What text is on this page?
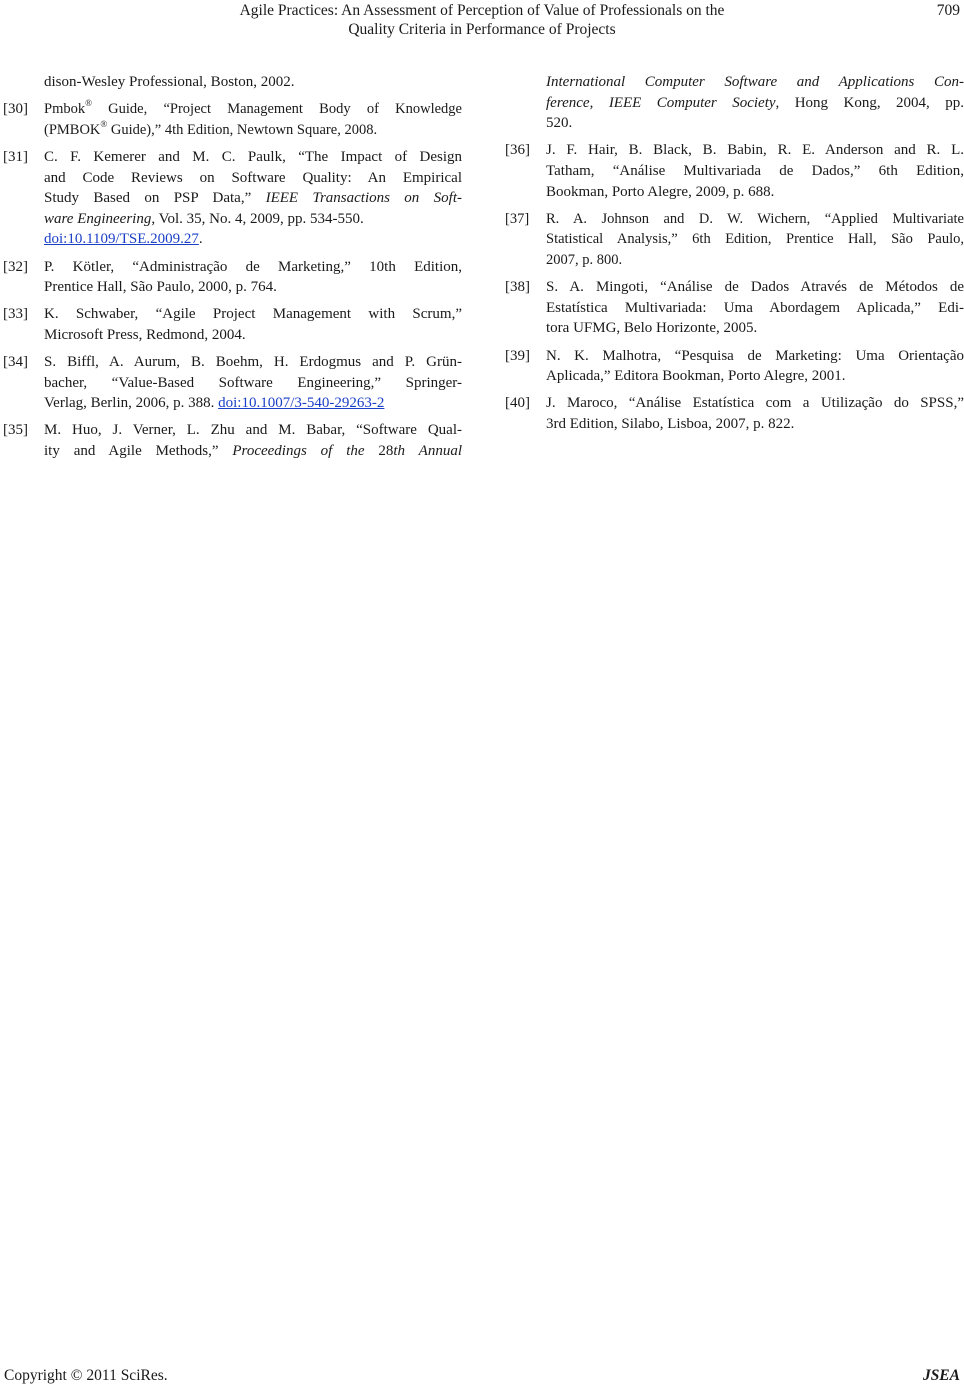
Agile Practices: An Assessment of Perception of Value of Professionals on the
Quality Criteria in Performance of Projects
709
dison-Wesley Professional, Boston, 2002.
[30] Pmbok® Guide, “Project Management Body of Knowledge
(PMBOK® Guide),” 4th Edition, Newtown Square, 2008.
[31] C. F. Kemerer and M. C. Paulk, “The Impact of Design
and Code Reviews on Software Quality: An Empirical
Study Based on PSP Data,” IEEE Transactions on Soft-
ware Engineering, Vol. 35, No. 4, 2009, pp. 534-550.
doi:10.1109/TSE.2009.27.
[32] P. Kötler, “Administração de Marketing,” 10th Edition,
Prentice Hall, São Paulo, 2000, p. 764.
[33] K. Schwaber, “Agile Project Management with Scrum,”
Microsoft Press, Redmond, 2004.
[34] S. Biffl, A. Aurum, B. Boehm, H. Erdogmus and P. Grün-
bacher, “Value-Based Software Engineering,” Springer-
Verlag, Berlin, 2006, p. 388. doi:10.1007/3-540-29263-2
[35] M. Huo, J. Verner, L. Zhu and M. Babar, “Software Qual-
ity and Agile Methods,” Proceedings of the 28th Annual
International Computer Software and Applications Con-
ference, IEEE Computer Society, Hong Kong, 2004, pp.
520.
[36] J. F. Hair, B. Black, B. Babin, R. E. Anderson and R. L.
Tatham, “Análise Multivariada de Dados,” 6th Edition,
Bookman, Porto Alegre, 2009, p. 688.
[37] R. A. Johnson and D. W. Wichern, “Applied Multivariate
Statistical Analysis,” 6th Edition, Prentice Hall, São Paulo,
2007, p. 800.
[38] S. A. Mingoti, “Análise de Dados Através de Métodos de
Estatística Multivariada: Uma Abordagem Aplicada,” Edi-
tora UFMG, Belo Horizonte, 2005.
[39] N. K. Malhotra, “Pesquisa de Marketing: Uma Orientação
Aplicada,” Editora Bookman, Porto Alegre, 2001.
[40] J. Maroco, “Análise Estatística com a Utilização do SPSS,”
3rd Edition, Silabo, Lisboa, 2007, p. 822.
Copyright © 2011 SciRes.	JSEA
